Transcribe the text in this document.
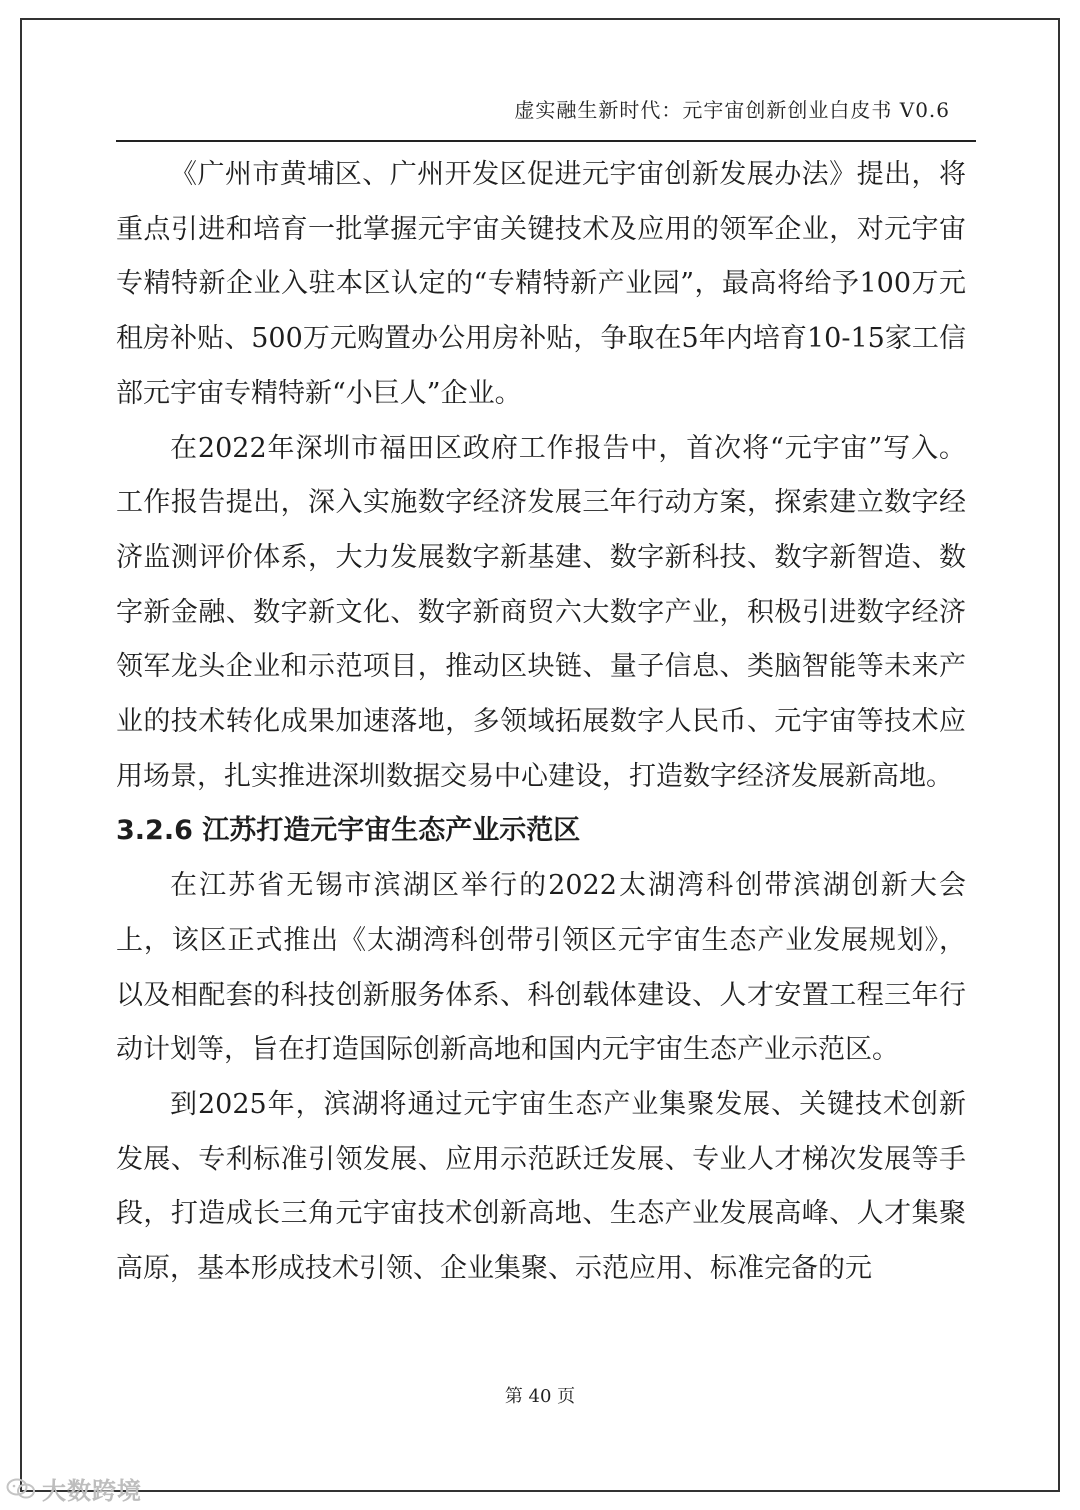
虚实融生新时代：元宇宙创新创业白皮书 V0.6

《广州市黄埔区、广州开发区促进元宇宙创新发展办法》提出，将重点引进和培育一批掌握元宇宙关键技术及应用的领军企业，对元宇宙专精特新企业入驻本区认定的“专精特新产业园”，最高将给予100万元租房补贴、500万元购置办公用房补贴，争取在5年内培育10-15家工信部元宇宙专精特新“小巨人”企业。

在2022年深圳市福田区政府工作报告中，首次将“元宇宙”写入。工作报告提出，深入实施数字经济发展三年行动方案，探索建立数字经济监测评价体系，大力发展数字新基建、数字新科技、数字新智造、数字新金融、数字新文化、数字新商贸六大数字产业，积极引进数字经济领军龙头企业和示范项目，推动区块链、量子信息、类脑智能等未来产业的技术转化成果加速落地，多领域拓展数字人民币、元宇宙等技术应用场景，扎实推进深圳数据交易中心建设，打造数字经济发展新高地。

3.2.6 江苏打造元宇宙生态产业示范区

在江苏省无锡市滨湖区举行的2022太湖湾科创带滨湖创新大会上，该区正式推出《太湖湾科创带引领区元宇宙生态产业发展规划》，以及相配套的科技创新服务体系、科创载体建设、人才安置工程三年行动计划等，旨在打造国际创新高地和国内元宇宙生态产业示范区。

到2025年，滨湖将通过元宇宙生态产业集聚发展、关键技术创新发展、专利标准引领发展、应用示范跃迁发展、专业人才梯次发展等手段，打造成长三角元宇宙技术创新高地、生态产业发展高峰、人才集聚高原，基本形成技术引领、企业集聚、示范应用、标准完备的元

第 40 页
大数跨境
